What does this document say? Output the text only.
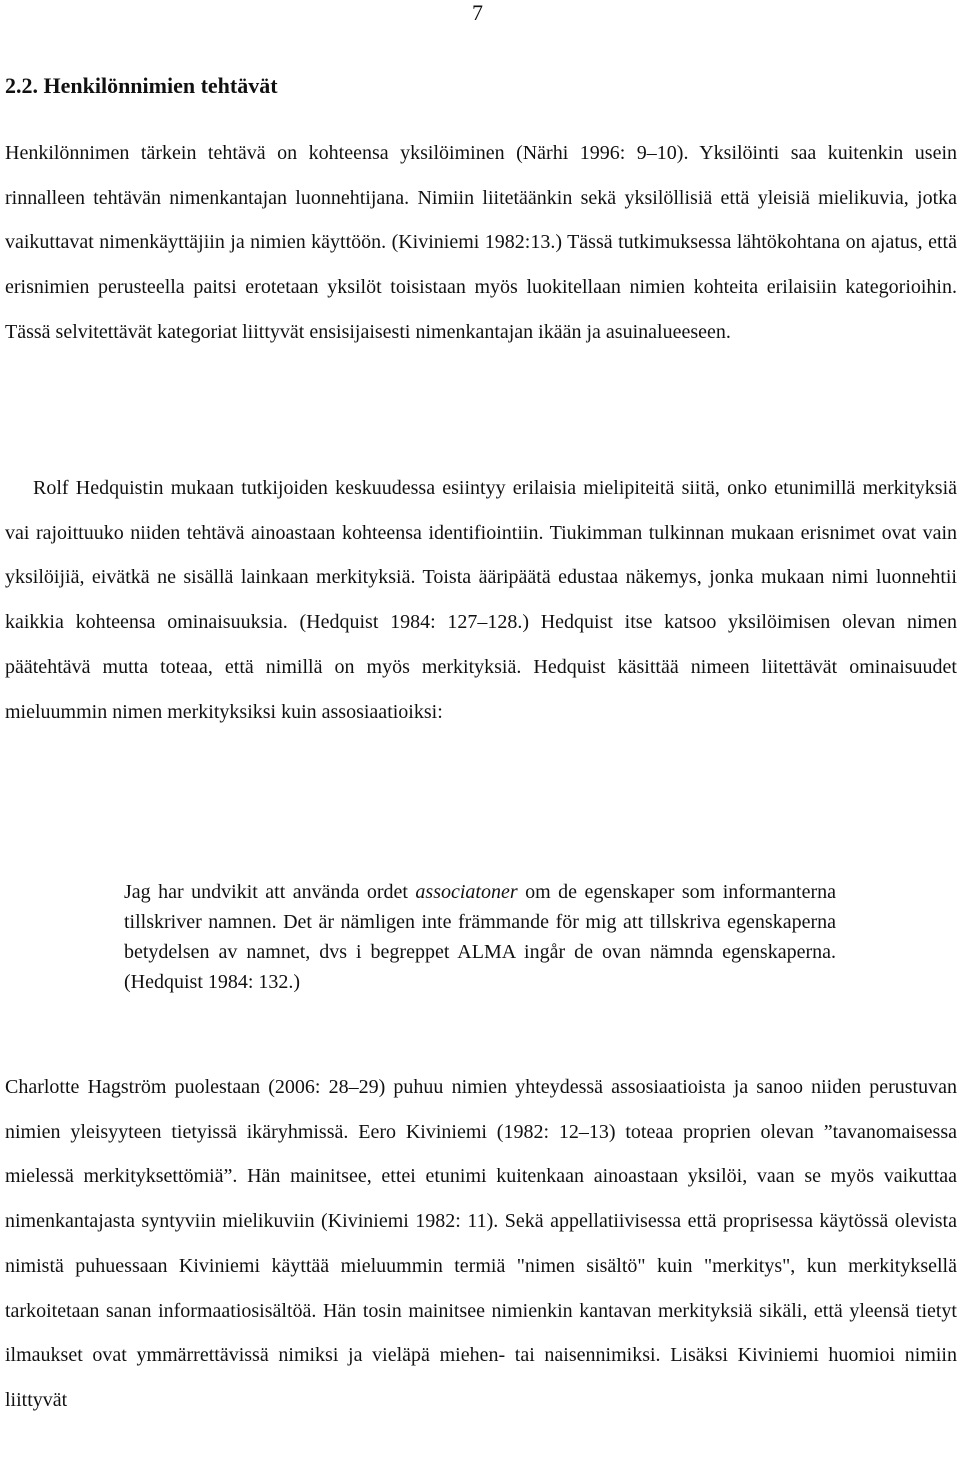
7
2.2. Henkilönnimien tehtävät

Henkilönnimen tärkein tehtävä on kohteensa yksilöiminen (Närhi 1996: 9–10). Yksilöinti saa kuitenkin usein rinnalleen tehtävän nimenkantajan luonnehtijana. Nimiin liitetäänkin sekä yksilöllisiä että yleisiä mielikuvia, jotka vaikuttavat nimenkäyttäjiin ja nimien käyttöön. (Kiviniemi 1982:13.) Tässä tutkimuksessa lähtökohtana on ajatus, että erisnimien perusteella paitsi erotetaan yksilöt toisistaan myös luokitellaan nimien kohteita erilaisiin kategorioihin. Tässä selvitettävät kategoriat liittyvät ensisijaisesti nimenkantajan ikään ja asuinalueeseen.

Rolf Hedquistin mukaan tutkijoiden keskuudessa esiintyy erilaisia mielipiteitä siitä, onko etunimillä merkityksiä vai rajoittuuko niiden tehtävä ainoastaan kohteensa identifiointiin. Tiukimman tulkinnan mukaan erisnimet ovat vain yksilöijiä, eivätkä ne sisällä lainkaan merkityksiä. Toista ääripäätä edustaa näkemys, jonka mukaan nimi luonnehtii kaikkia kohteensa ominaisuuksia. (Hedquist 1984: 127–128.) Hedquist itse katsoo yksilöimisen olevan nimen päätehtävä mutta toteaa, että nimillä on myös merkityksiä. Hedquist käsittää nimeen liitettävät ominaisuudet mieluummin nimen merkityksiksi kuin assosiaatioiksi:

Jag har undvikit att använda ordet associatoner om de egenskaper som informanterna tillskriver namnen. Det är nämligen inte främmande för mig att tillskriva egenskaperna betydelsen av namnet, dvs i begreppet ALMA ingår de ovan nämnda egenskaperna. (Hedquist 1984: 132.)

Charlotte Hagström puolestaan (2006: 28–29) puhuu nimien yhteydessä assosiaatioista ja sanoo niiden perustuvan nimien yleisyyteen tietyissä ikäryhmissä. Eero Kiviniemi (1982: 12–13) toteaa proprien olevan ”tavanomaisessa mielessä merkityksettömiä”. Hän mainitsee, ettei etunimi kuitenkaan ainoastaan yksilöi, vaan se myös vaikuttaa nimenkantajasta syntyviin mielikuviin (Kiviniemi 1982: 11). Sekä appellatiivisessa että proprisessa käytössä olevista nimistä puhuessaan Kiviniemi käyttää mieluummin termiä "nimen sisältö" kuin "merkitys", kun merkityksellä tarkoitetaan sanan informaatiosisältöä. Hän tosin mainitsee nimienkin kantavan merkityksiä sikäli, että yleensä tietyt ilmaukset ovat ymmärrettävissä nimiksi ja vieläpä miehen- tai naisennimiksi. Lisäksi Kiviniemi huomioi nimiin liittyvät
